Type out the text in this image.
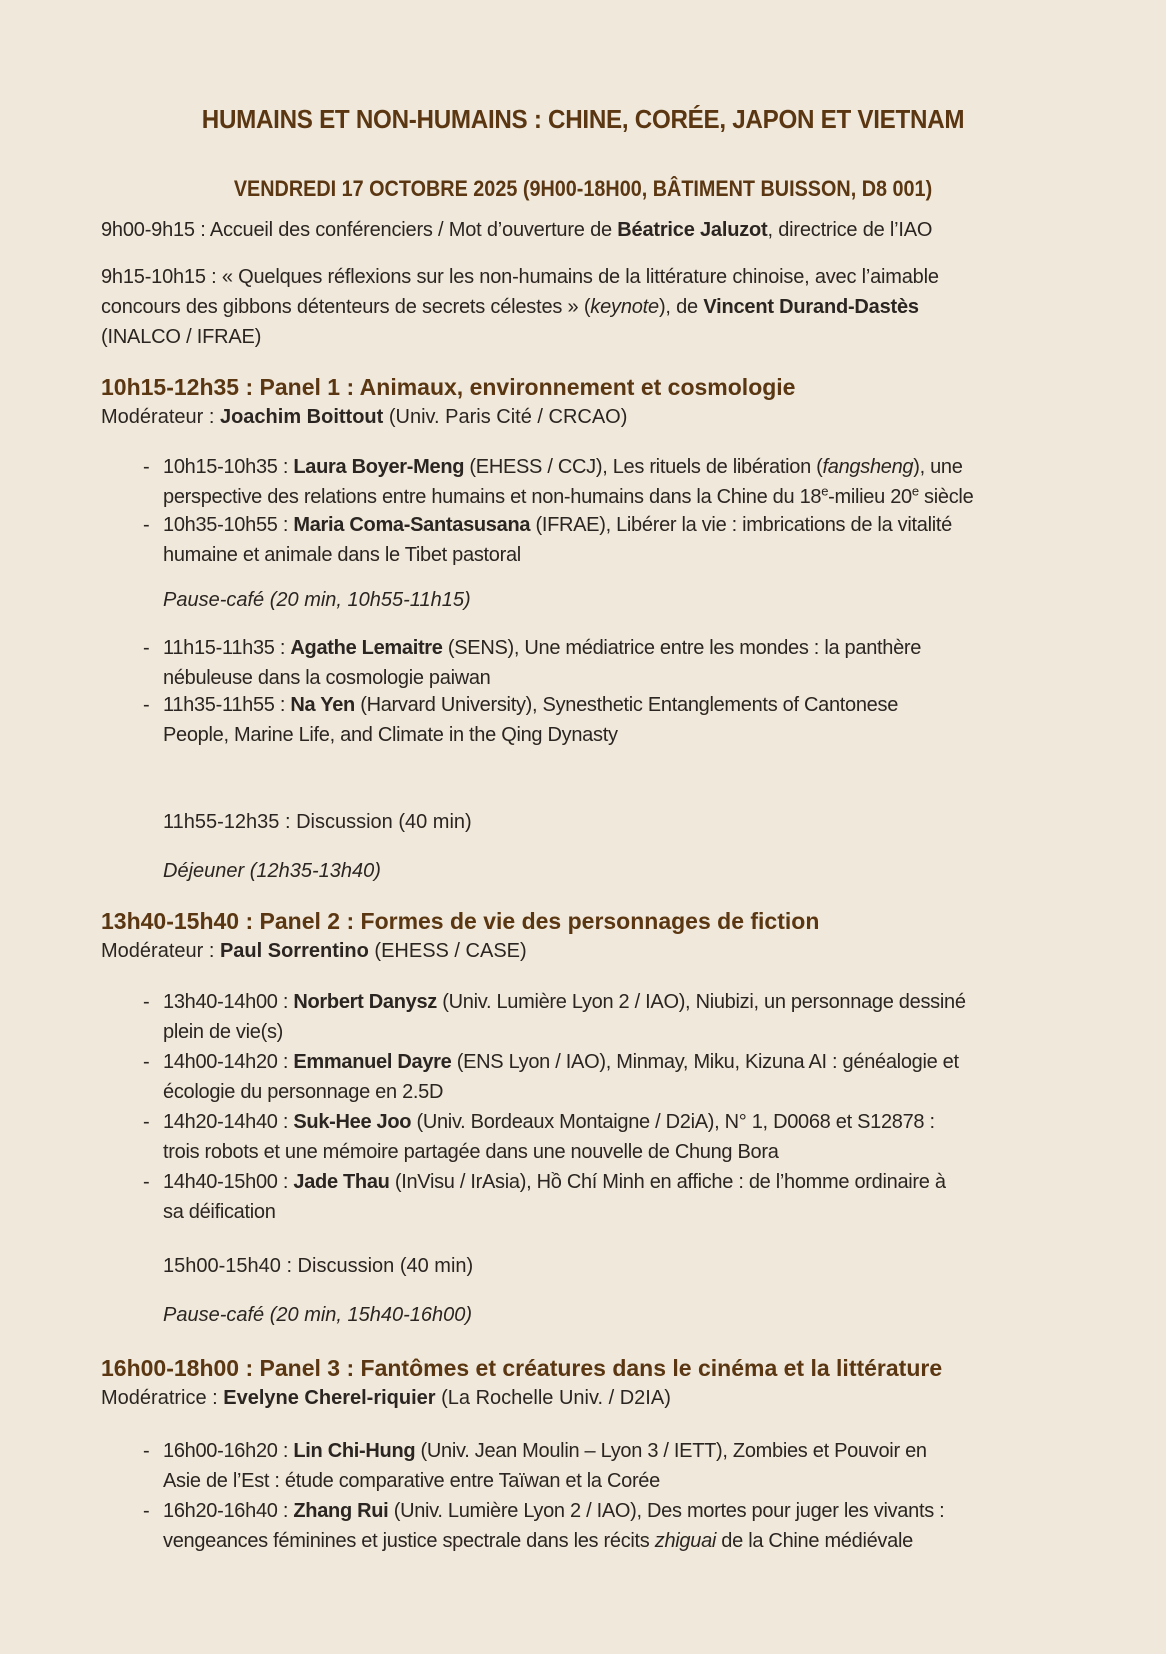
HUMAINS ET NON-HUMAINS : CHINE, CORÉE, JAPON ET VIETNAM
VENDREDI 17 OCTOBRE 2025 (9H00-18H00, BÂTIMENT BUISSON, D8 001)
9h00-9h15 : Accueil des conférenciers / Mot d’ouverture de Béatrice Jaluzot, directrice de l’IAO
9h15-10h15 : « Quelques réflexions sur les non-humains de la littérature chinoise, avec l’aimable
concours des gibbons détenteurs de secrets célestes » (keynote), de Vincent Durand-Dastès
(INALCO / IFRAE)
10h15-12h35 : Panel 1 : Animaux, environnement et cosmologie
Modérateur : Joachim Boittout (Univ. Paris Cité / CRCAO)
- 10h15-10h35 : Laura Boyer-Meng (EHESS / CCJ), Les rituels de libération (fangsheng), une
perspective des relations entre humains et non-humains dans la Chine du 18e-milieu 20e siècle
- 10h35-10h55 : Maria Coma-Santasusana (IFRAE), Libérer la vie : imbrications de la vitalité
humaine et animale dans le Tibet pastoral
Pause-café (20 min, 10h55-11h15)
- 11h15-11h35 : Agathe Lemaitre (SENS), Une médiatrice entre les mondes : la panthère
nébuleuse dans la cosmologie paiwan
- 11h35-11h55 : Na Yen (Harvard University), Synesthetic Entanglements of Cantonese
People, Marine Life, and Climate in the Qing Dynasty
11h55-12h35 : Discussion (40 min)
Déjeuner (12h35-13h40)
13h40-15h40 : Panel 2 : Formes de vie des personnages de fiction
Modérateur : Paul Sorrentino (EHESS / CASE)
- 13h40-14h00 : Norbert Danysz (Univ. Lumière Lyon 2 / IAO), Niubizi, un personnage dessiné
plein de vie(s)
- 14h00-14h20 : Emmanuel Dayre (ENS Lyon / IAO), Minmay, Miku, Kizuna AI : généalogie et
écologie du personnage en 2.5D
- 14h20-14h40 : Suk-Hee Joo (Univ. Bordeaux Montaigne / D2iA), N° 1, D0068 et S12878 :
trois robots et une mémoire partagée dans une nouvelle de Chung Bora
- 14h40-15h00 : Jade Thau (InVisu / IrAsia), Hồ Chí Minh en affiche : de l’homme ordinaire à
sa déification
15h00-15h40 : Discussion (40 min)
Pause-café (20 min, 15h40-16h00)
16h00-18h00 : Panel 3 : Fantômes et créatures dans le cinéma et la littérature
Modératrice : Evelyne Cherel-riquier (La Rochelle Univ. / D2IA)
- 16h00-16h20 : Lin Chi-Hung (Univ. Jean Moulin – Lyon 3 / IETT), Zombies et Pouvoir en
Asie de l’Est : étude comparative entre Taïwan et la Corée
- 16h20-16h40 : Zhang Rui (Univ. Lumière Lyon 2 / IAO), Des mortes pour juger les vivants :
vengeances féminines et justice spectrale dans les récits zhiguai de la Chine médiévale
